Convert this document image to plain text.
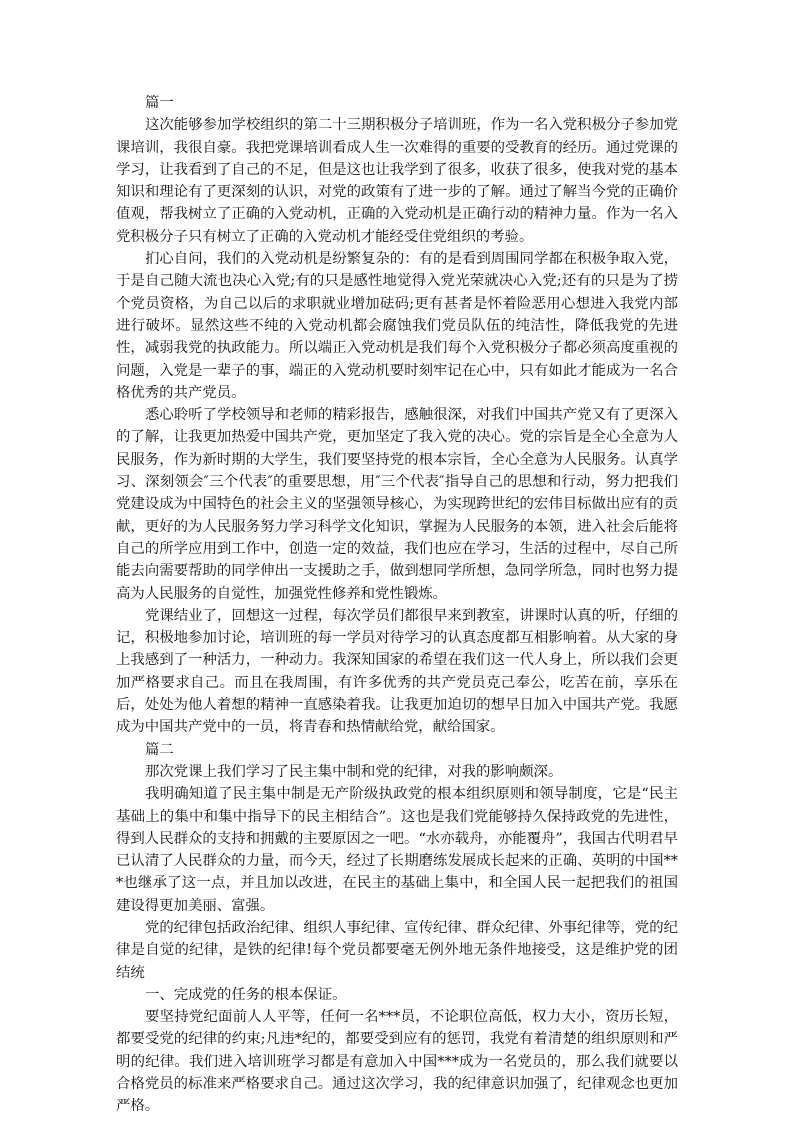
篇一

这次能够参加学校组织的第二十三期积极分子培训班，作为一名入党积极分子参加党课培训，我很自豪。我把党课培训看成人生一次难得的重要的受教育的经历。通过党课的学习，让我看到了自己的不足，但是这也让我学到了很多，收获了很多，使我对党的基本知识和理论有了更深刻的认识，对党的政策有了进一步的了解。通过了解当今党的正确价值观，帮我树立了正确的入党动机，正确的入党动机是正确行动的精神力量。作为一名入党积极分子只有树立了正确的入党动机才能经受住党组织的考验。

扪心自问，我们的入党动机是纷繁复杂的：有的是看到周围同学都在积极争取入党，于是自己随大流也决心入党;有的只是感性地觉得入党光荣就决心入党;还有的只是为了捞个党员资格，为自己以后的求职就业增加砝码;更有甚者是怀着险恶用心想进入我党内部进行破坏。显然这些不纯的入党动机都会腐蚀我们党员队伍的纯洁性，降低我党的先进性，减弱我党的执政能力。所以端正入党动机是我们每个入党积极分子都必须高度重视的问题，入党是一辈子的事，端正的入党动机要时刻牢记在心中，只有如此才能成为一名合格优秀的共产党员。

悉心聆听了学校领导和老师的精彩报告，感触很深，对我们中国共产党又有了更深入的了解，让我更加热爱中国共产党，更加坚定了我入党的决心。党的宗旨是全心全意为人民服务，作为新时期的大学生，我们要坚持党的根本宗旨，全心全意为人民服务。认真学习、深刻领会″三个代表″的重要思想，用″三个代表″指导自己的思想和行动，努力把我们党建设成为中国特色的社会主义的坚强领导核心，为实现跨世纪的宏伟目标做出应有的贡献，更好的为人民服务努力学习科学文化知识，掌握为人民服务的本领，进入社会后能将自己的所学应用到工作中，创造一定的效益，我们也应在学习，生活的过程中，尽自己所能去向需要帮助的同学伸出一支援助之手，做到想同学所想，急同学所急，同时也努力提高为人民服务的自觉性，加强党性修养和党性锻炼。

党课结业了，回想这一过程，每次学员们都很早来到教室，讲课时认真的听，仔细的记，积极地参加讨论，培训班的每一学员对待学习的认真态度都互相影响着。从大家的身上我感到了一种活力，一种动力。我深知国家的希望在我们这一代人身上，所以我们会更加严格要求自己。而且在我周围，有许多优秀的共产党员克己奉公，吃苦在前，享乐在后，处处为他人着想的精神一直感染着我。让我更加迫切的想早日加入中国共产党。我愿成为中国共产党中的一员，将青春和热情献给党，献给国家。

篇二

那次党课上我们学习了民主集中制和党的纪律，对我的影响颇深。

我明确知道了民主集中制是无产阶级执政党的根本组织原则和领导制度，它是“民主基础上的集中和集中指导下的民主相结合”。这也是我们党能够持久保持政党的先进性，得到人民群众的支持和拥戴的主要原因之一吧。“水亦载舟，亦能覆舟”，我国古代明君早已认清了人民群众的力量，而今天，经过了长期磨练发展成长起来的正确、英明的中国***也继承了这一点，并且加以改进，在民主的基础上集中，和全国人民一起把我们的祖国建设得更加美丽、富强。

党的纪律包括政治纪律、组织人事纪律、宣传纪律、群众纪律、外事纪律等，党的纪律是自觉的纪律，是铁的纪律!每个党员都要毫无例外地无条件地接受，这是维护党的团结统

一、完成党的任务的根本保证。

要坚持党纪面前人人平等，任何一名***员，不论职位高低，权力大小，资历长短，都要受党的纪律的约束;凡违*纪的，都要受到应有的惩罚，我党有着清楚的组织原则和严明的纪律。我们进入培训班学习都是有意加入中国***成为一名党员的，那么我们就要以合格党员的标准来严格要求自己。通过这次学习，我的纪律意识加强了，纪律观念也更加严格。
